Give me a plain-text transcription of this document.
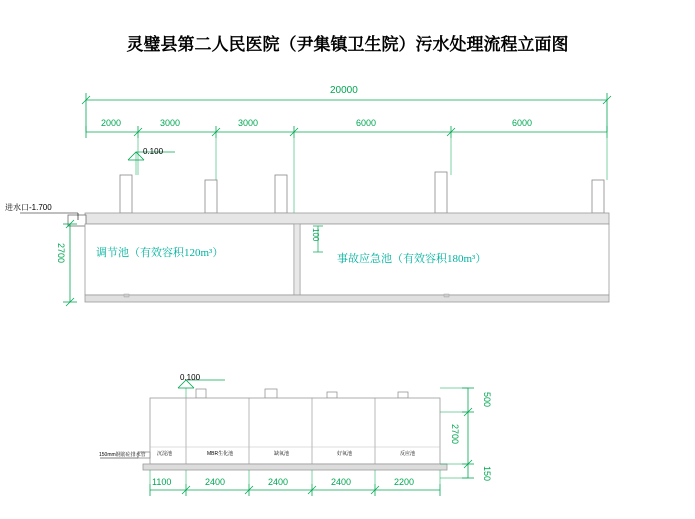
灵璧县第二人民医院（尹集镇卫生院）污水处理流程立面图
20000
2000	3000	3000	6000	6000
0.100
进水口-1.700
2700
100
调节池（有效容积120m³）	事故应急池（有效容积180m³）
0.100
150mm钢筋砼排水管 沉淀池	MBR生化池	缺氧池	好氧池	反应池
1100	2400	2400	2400	2200
500
2700
150
